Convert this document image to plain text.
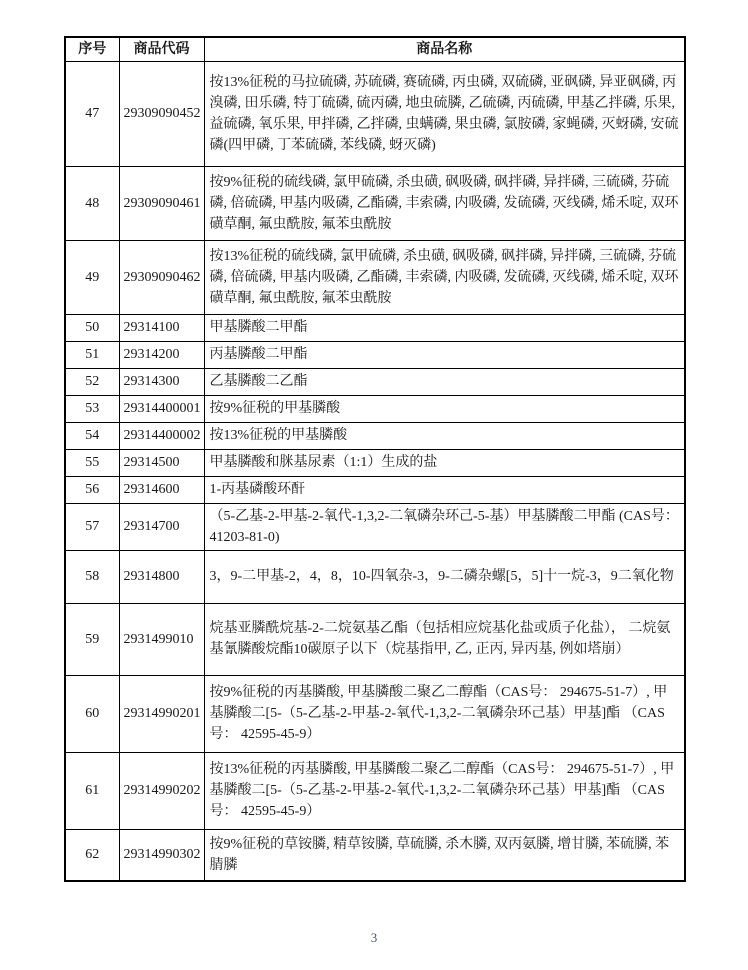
序号	商品代码	商品名称
47	29309090452	按13%征税的马拉硫磷, 苏硫磷, 赛硫磷, 丙虫磷, 双硫磷, 亚砜磷, 异亚砜磷, 丙溴磷, 田乐磷, 特丁硫磷, 硫丙磷, 地虫硫膦, 乙硫磷, 丙硫磷, 甲基乙拌磷, 乐果, 益硫磷, 氧乐果, 甲拌磷, 乙拌磷, 虫螨磷, 果虫磷, 氯胺磷, 家蝇磷, 灭蚜磷, 安硫磷(四甲磷, 丁苯硫磷, 苯线磷, 蚜灭磷)
48	29309090461	按9%征税的硫线磷, 氯甲硫磷, 杀虫磺, 砜吸磷, 砜拌磷, 异拌磷, 三硫磷, 芬硫磷, 倍硫磷, 甲基内吸磷, 乙酯磷, 丰索磷, 内吸磷, 发硫磷, 灭线磷, 烯禾啶, 双环磺草酮, 氟虫酰胺, 氟苯虫酰胺
49	29309090462	按13%征税的硫线磷, 氯甲硫磷, 杀虫磺, 砜吸磷, 砜拌磷, 异拌磷, 三硫磷, 芬硫磷, 倍硫磷, 甲基内吸磷, 乙酯磷, 丰索磷, 内吸磷, 发硫磷, 灭线磷, 烯禾啶, 双环磺草酮, 氟虫酰胺, 氟苯虫酰胺
50	29314100	甲基膦酸二甲酯
51	29314200	丙基膦酸二甲酯
52	29314300	乙基膦酸二乙酯
53	29314400001	按9%征税的甲基膦酸
54	29314400002	按13%征税的甲基膦酸
55	29314500	甲基膦酸和脒基尿素（1:1）生成的盐
56	29314600	1-丙基磷酸环酐
57	29314700	（5-乙基-2-甲基-2-氧代-1,3,2-二氧磷杂环己-5-基）甲基膦酸二甲酯 (CAS号： 41203-81-0)
58	29314800	3，9-二甲基-2，4，8，10-四氧杂-3，9-二磷杂螺[5，5]十一烷-3，9二氧化物
59	2931499010	烷基亚膦酰烷基-2-二烷氨基乙酯（包括相应烷基化盐或质子化盐）， 二烷氨基氰膦酸烷酯10碳原子以下（烷基指甲, 乙, 正丙, 异丙基, 例如塔崩）
60	29314990201	按9%征税的丙基膦酸, 甲基膦酸二聚乙二醇酯（CAS号： 294675-51-7）, 甲基膦酸二[5-（5-乙基-2-甲基-2-氧代-1,3,2-二氧磷杂环己基）甲基]酯 （CAS号： 42595-45-9）
61	29314990202	按13%征税的丙基膦酸, 甲基膦酸二聚乙二醇酯（CAS号： 294675-51-7）, 甲基膦酸二[5-（5-乙基-2-甲基-2-氧代-1,3,2-二氧磷杂环己基）甲基]酯 （CAS号： 42595-45-9）
62	29314990302	按9%征税的草铵膦, 精草铵膦, 草硫膦, 杀木膦, 双丙氨膦, 增甘膦, 苯硫膦, 苯腈膦
3
